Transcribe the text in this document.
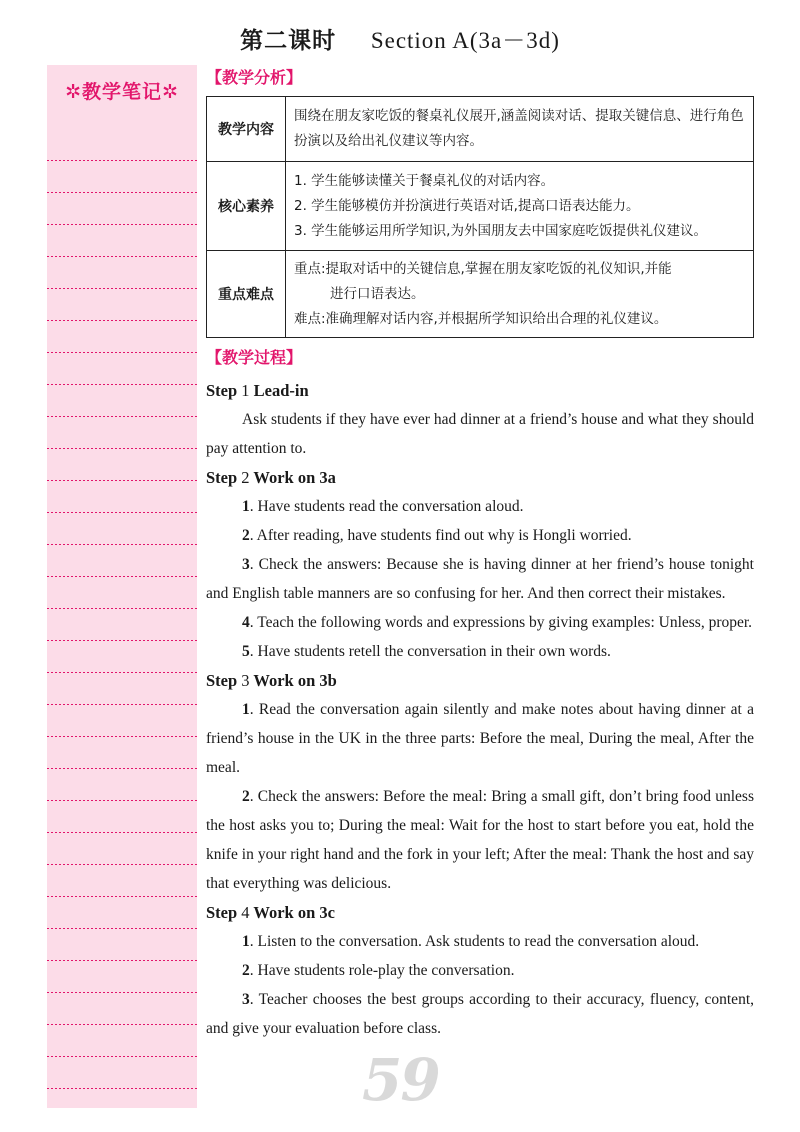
第二课时 Section A(3a－3d)
✲教学笔记✲
【教学分析】
教学内容	围绕在朋友家吃饭的餐桌礼仪展开,涵盖阅读对话、提取关键信息、进行角色扮演以及给出礼仪建议等内容。

核心素养	1. 学生能够读懂关于餐桌礼仪的对话内容。
2. 学生能够模仿并扮演进行英语对话,提高口语表达能力。
3. 学生能够运用所学知识,为外国朋友去中国家庭吃饭提供礼仪建议。

重点难点	重点:提取对话中的关键信息,掌握在朋友家吃饭的礼仪知识,并能
进行口语表达。
难点:准确理解对话内容,并根据所学知识给出合理的礼仪建议。
【教学过程】
Step 1 Lead-in
Ask students if they have ever had dinner at a friend’s house and what they should pay attention to.
Step 2 Work on 3a
1. Have students read the conversation aloud.
2. After reading, have students find out why is Hongli worried.
3. Check the answers: Because she is having dinner at her friend’s house tonight and English table manners are so confusing for her. And then correct their mistakes.
4. Teach the following words and expressions by giving examples: Unless, proper.
5. Have students retell the conversation in their own words.
Step 3 Work on 3b
1. Read the conversation again silently and make notes about having dinner at a friend’s house in the UK in the three parts: Before the meal, During the meal, After the meal.
2. Check the answers: Before the meal: Bring a small gift, don’t bring food unless the host asks you to; During the meal: Wait for the host to start before you eat, hold the knife in your right hand and the fork in your left; After the meal: Thank the host and say that everything was delicious.
Step 4 Work on 3c
1. Listen to the conversation. Ask students to read the conversation aloud.
2. Have students role-play the conversation.
3. Teacher chooses the best groups according to their accuracy, fluency, content, and give your evaluation before class.
59
